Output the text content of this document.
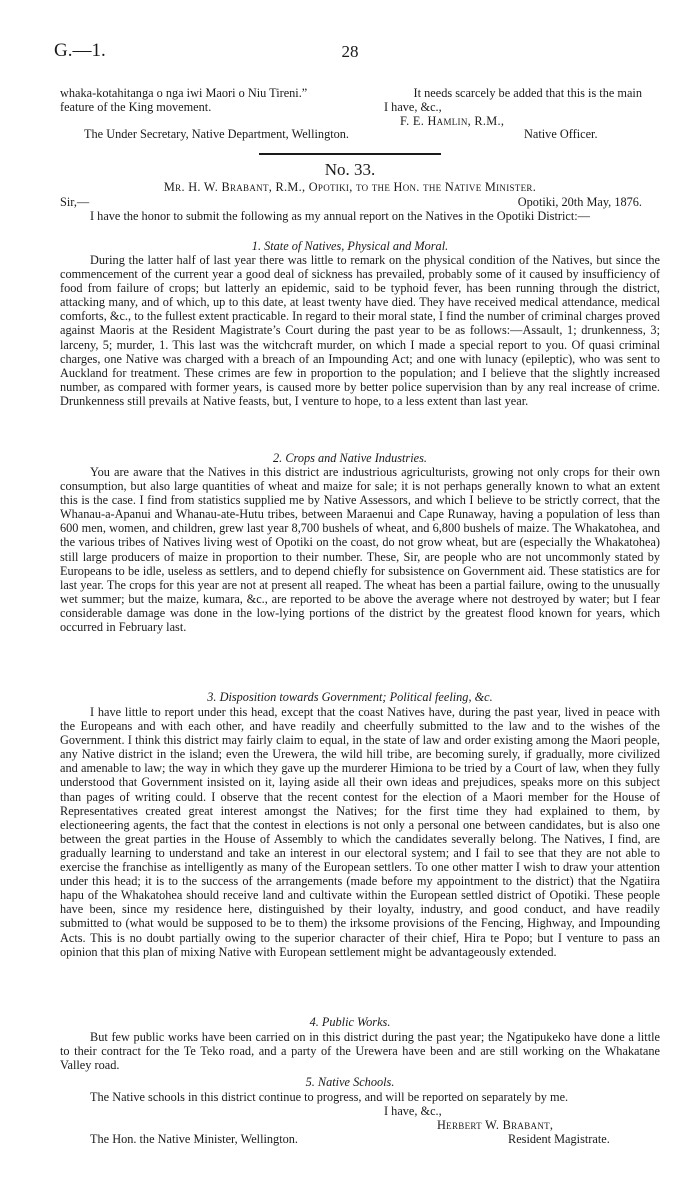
G.—1.	28
whaka-kotahitanga o nga iwi Maori o Niu Tireni.”	It needs scarcely be added that this is the main
feature of the King movement.	I have, &c.,
F. E. Hamlin, R.M.,
The Under Secretary, Native Department, Wellington.	Native Officer.
No. 33.
Mr. H. W. Brabant, R.M., Opotiki, to the Hon. the Native Minister.
Sir,—	Opotiki, 20th May, 1876.

I have the honor to submit the following as my annual report on the Natives in the Opotiki District:—

1. State of Natives, Physical and Moral.

During the latter half of last year there was little to remark on the physical condition of the Natives, but since the commencement of the current year a good deal of sickness has prevailed, probably some of it caused by insufficiency of food from failure of crops; but latterly an epidemic, said to be typhoid fever, has been running through the district, attacking many, and of which, up to this date, at least twenty have died. They have received medical attendance, medical comforts, &c., to the fullest extent practicable. In regard to their moral state, I find the number of criminal charges proved against Maoris at the Resident Magistrate’s Court during the past year to be as follows:—Assault, 1; drunkenness, 3; larceny, 5; murder, 1. This last was the witchcraft murder, on which I made a special report to you. Of quasi criminal charges, one Native was charged with a breach of an Impounding Act; and one with lunacy (epileptic), who was sent to Auckland for treatment. These crimes are few in proportion to the population; and I believe that the slightly increased number, as compared with former years, is caused more by better police supervision than by any real increase of crime. Drunkenness still prevails at Native feasts, but, I venture to hope, to a less extent than last year.

2. Crops and Native Industries.

You are aware that the Natives in this district are industrious agriculturists, growing not only crops for their own consumption, but also large quantities of wheat and maize for sale; it is not perhaps generally known to what an extent this is the case. I find from statistics supplied me by Native Assessors, and which I believe to be strictly correct, that the Whanau-a-Apanui and Whanau-ate-Hutu tribes, between Maraenui and Cape Runaway, having a population of less than 600 men, women, and children, grew last year 8,700 bushels of wheat, and 6,800 bushels of maize. The Whakatohea, and the various tribes of Natives living west of Opotiki on the coast, do not grow wheat, but are (especially the Whakatohea) still large producers of maize in proportion to their number. These, Sir, are people who are not uncommonly stated by Europeans to be idle, useless as settlers, and to depend chiefly for subsistence on Government aid. These statistics are for last year. The crops for this year are not at present all reaped. The wheat has been a partial failure, owing to the unusually wet summer; but the maize, kumara, &c., are reported to be above the average where not destroyed by water; but I fear considerable damage was done in the low-lying portions of the district by the greatest flood known for years, which occurred in February last.

3. Disposition towards Government; Political feeling, &c.

I have little to report under this head, except that the coast Natives have, during the past year, lived in peace with the Europeans and with each other, and have readily and cheerfully submitted to the law and to the wishes of the Government. I think this district may fairly claim to equal, in the state of law and order existing among the Maori people, any Native district in the island; even the Urewera, the wild hill tribe, are becoming surely, if gradually, more civilized and amenable to law; the way in which they gave up the murderer Himiona to be tried by a Court of law, when they fully understood that Government insisted on it, laying aside all their own ideas and prejudices, speaks more on this subject than pages of writing could. I observe that the recent contest for the election of a Maori member for the House of Representatives created great interest amongst the Natives; for the first time they had explained to them, by electioneering agents, the fact that the contest in elections is not only a personal one between candidates, but is also one between the great parties in the House of Assembly to which the candidates severally belong. The Natives, I find, are gradually learning to understand and take an interest in our electoral system; and I fail to see that they are not able to exercise the franchise as intelligently as many of the European settlers. To one other matter I wish to draw your attention under this head; it is to the success of the arrangements (made before my appointment to the district) that the Ngatiira hapu of the Whakatohea should receive land and cultivate within the European settled district of Opotiki. These people have been, since my residence here, distinguished by their loyalty, industry, and good conduct, and have readily submitted to (what would be supposed to be to them) the irksome provisions of the Fencing, Highway, and Impounding Acts. This is no doubt partially owing to the superior character of their chief, Hira te Popo; but I venture to pass an opinion that this plan of mixing Native with European settlement might be advantageously extended.

4. Public Works.

But few public works have been carried on in this district during the past year; the Ngatipukeko have done a little to their contract for the Te Teko road, and a party of the Urewera have been and are still working on the Whakatane Valley road.

5. Native Schools.

The Native schools in this district continue to progress, and will be reported on separately by me.

I have, &c.,
Herbert W. Brabant,
The Hon. the Native Minister, Wellington.	Resident Magistrate.
